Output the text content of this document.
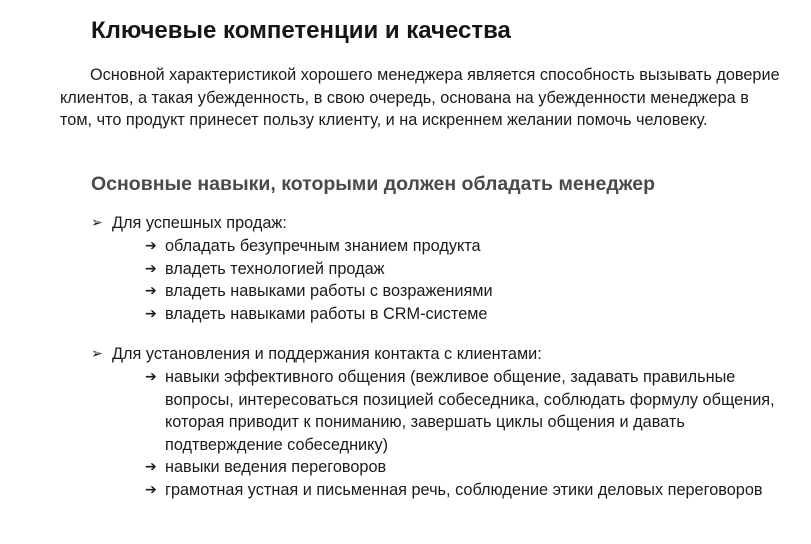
Ключевые компетенции и качества

Основной характеристикой хорошего менеджера является способность вызывать доверие клиентов, а такая убежденность, в свою очередь, основана на убежденности менеджера в том, что продукт принесет пользу клиенту, и на искреннем желании помочь человеку.

Основные навыки, которыми должен обладать менеджер
➢ Для успешных продаж:
➔ обладать безупречным знанием продукта
➔ владеть технологией продаж
➔ владеть навыками работы с возражениями
➔ владеть навыками работы в CRM-системе
➢ Для установления и поддержания контакта с клиентами:
➔ навыки эффективного общения (вежливое общение, задавать правильные вопросы, интересоваться позицией собеседника, соблюдать формулу общения, которая приводит к пониманию, завершать циклы общения и давать подтверждение собеседнику)
➔ навыки ведения переговоров
➔ грамотная устная и письменная речь, соблюдение этики деловых переговоров
